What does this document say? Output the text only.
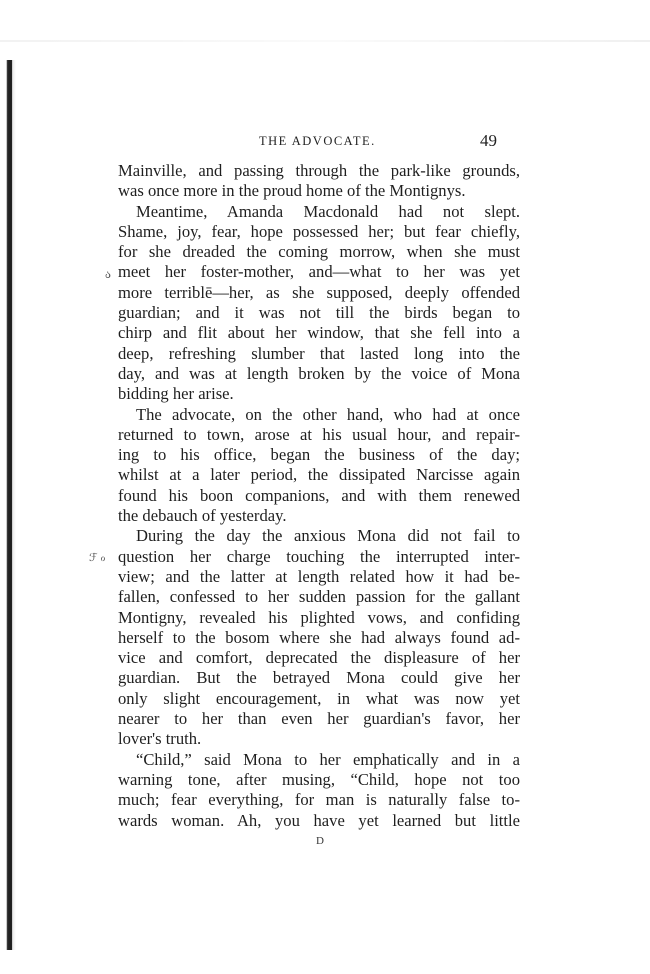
ა
ℱ ℴ
THE ADVOCATE.	49
Mainville, and passing through the park-like grounds,
was once more in the proud home of the Montignys.
Meantime, Amanda Macdonald had not slept.
Shame, joy, fear, hope possessed her; but fear chiefly,
for she dreaded the coming morrow, when she must
meet her foster-mother, and—what to her was yet
more terriblē—her, as she supposed, deeply offended
guardian; and it was not till the birds began to
chirp and flit about her window, that she fell into a
deep, refreshing slumber that lasted long into the
day, and was at length broken by the voice of Mona
bidding her arise.
The advocate, on the other hand, who had at once
returned to town, arose at his usual hour, and repair-
ing to his office, began the business of the day;
whilst at a later period, the dissipated Narcisse again
found his boon companions, and with them renewed
the debauch of yesterday.
During the day the anxious Mona did not fail to
question her charge touching the interrupted inter-
view; and the latter at length related how it had be-
fallen, confessed to her sudden passion for the gallant
Montigny, revealed his plighted vows, and confiding
herself to the bosom where she had always found ad-
vice and comfort, deprecated the displeasure of her
guardian. But the betrayed Mona could give her
only slight encouragement, in what was now yet
nearer to her than even her guardian's favor, her
lover's truth.
“Child,” said Mona to her emphatically and in a
warning tone, after musing, “Child, hope not too
much; fear everything, for man is naturally false to-
wards woman. Ah, you have yet learned but little
D
